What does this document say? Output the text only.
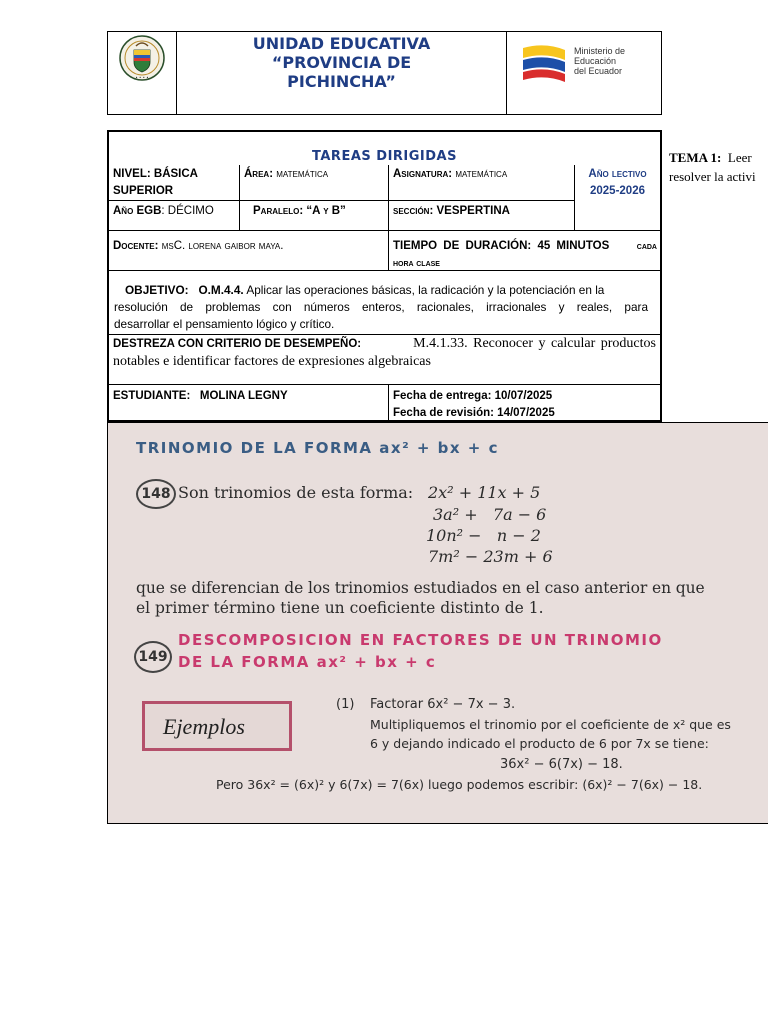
• • • •
UNIDAD EDUCATIVA
“PROVINCIA DE
PICHINCHA”
Ministerio de
Educación
del Ecuador
TAREAS DIRIGIDAS
NIVEL: BÁSICA
SUPERIOR
Área: matemática	Asignatura: matemática	Año lectivo
2025-2026
Año EGB: DÉCIMO	Paralelo: “A y B”	sección: VESPERTINA
Docente: msC. lorena gaibor maya.	TIEMPO DE DURACIÓN: 45 MINUTOS	cada
hora clase
OBJETIVO: O.M.4.4. Aplicar las operaciones básicas, la radicación y la potenciación en la
resolución de problemas con números enteros, racionales, irracionales y reales, para
desarrollar el pensamiento lógico y crítico.
DESTREZA CON CRITERIO DE DESEMPEÑO:	M.4.1.33. Reconocer y calcular productos
notables e identificar factores de expresiones algebraicas
ESTUDIANTE: MOLINA LEGNY	Fecha de entrega: 10/07/2025
Fecha de revisión: 14/07/2025
TEMA 1: Leer
resolver la activi
TRINOMIO DE LA FORMA ax² + bx + c
148 Son trinomios de esta forma: 2x² + 11x + 5
3a² +   7a − 6
10n² −   n − 2
7m² − 23m + 6
que se diferencian de los trinomios estudiados en el caso anterior en que
el primer término tiene un coeficiente distinto de 1.
149
DESCOMPOSICION EN FACTORES DE UN TRINOMIO
DE LA FORMA ax² + bx + c
Ejemplos
(1) Factorar 6x² − 7x − 3.
Multipliquemos el trinomio por el coeficiente de x² que es
6 y dejando indicado el producto de 6 por 7x se tiene:
36x² − 6(7x) − 18.
Pero 36x² = (6x)² y 6(7x) = 7(6x) luego podemos escribir: (6x)² − 7(6x) − 18.
